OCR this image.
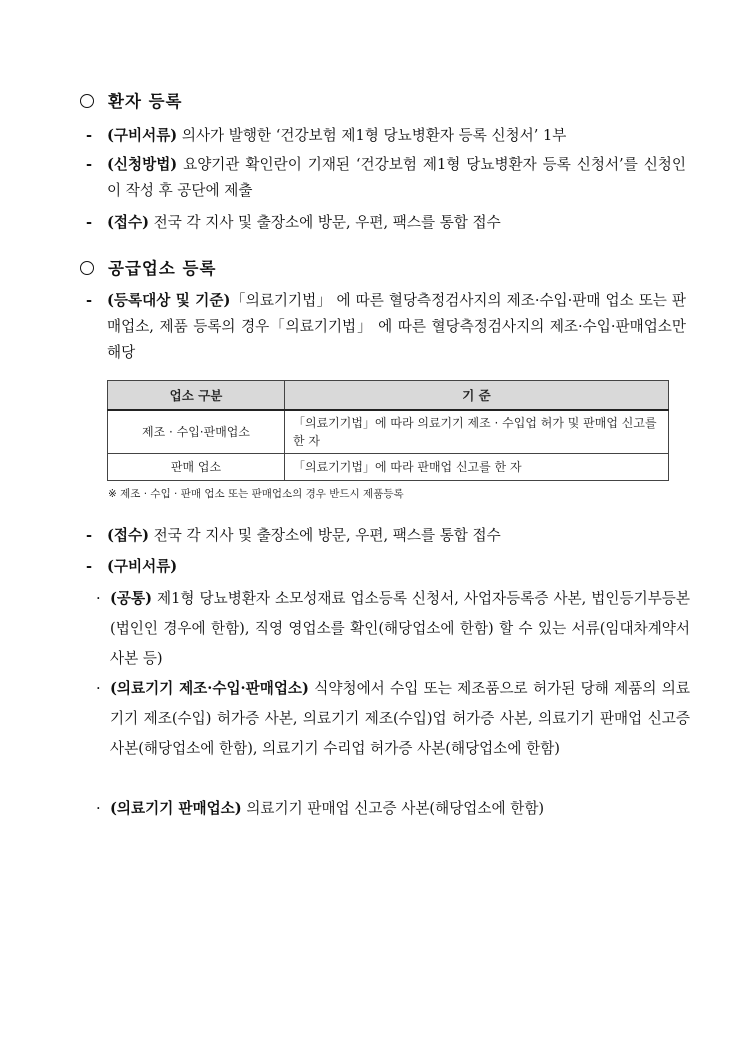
환자 등록
- (구비서류) 의사가 발행한 ‘건강보험 제1형 당뇨병환자 등록 신청서’ 1부
- (신청방법) 요양기관 확인란이 기재된 ‘건강보험 제1형 당뇨병환자 등록 신청서’를 신청인이 작성 후 공단에 제출
- (접수) 전국 각 지사 및 출장소에 방문, 우편, 팩스를 통합 접수
공급업소 등록
- (등록대상 및 기준)「의료기기법」 에 따른 혈당측정검사지의 제조·수입·판매 업소 또는 판매업소, 제품 등록의 경우「의료기기법」 에 따른 혈당측정검사지의 제조·수입·판매업소만 해당
업소 구분	기 준
제조 · 수입·판매업소	「의료기기법」에 따라 의료기기 제조 · 수입업 허가 및 판매업 신고를 한 자
판매 업소	「의료기기법」에 따라 판매업 신고를 한 자
※ 제조 · 수입 · 판매 업소 또는 판매업소의 경우 반드시 제품등록
- (접수) 전국 각 지사 및 출장소에 방문, 우편, 팩스를 통합 접수
- (구비서류)
· (공통) 제1형 당뇨병환자 소모성재료 업소등록 신청서, 사업자등록증 사본, 법인등기부등본(법인인 경우에 한함), 직영 영업소를 확인(해당업소에 한함) 할 수 있는 서류(임대차계약서 사본 등)
· (의료기기 제조·수입·판매업소) 식약청에서 수입 또는 제조품으로 허가된 당해 제품의 의료기기 제조(수입) 허가증 사본, 의료기기 제조(수입)업 허가증 사본, 의료기기 판매업 신고증 사본(해당업소에 한함), 의료기기 수리업 허가증 사본(해당업소에 한함)
· (의료기기 판매업소) 의료기기 판매업 신고증 사본(해당업소에 한함)
